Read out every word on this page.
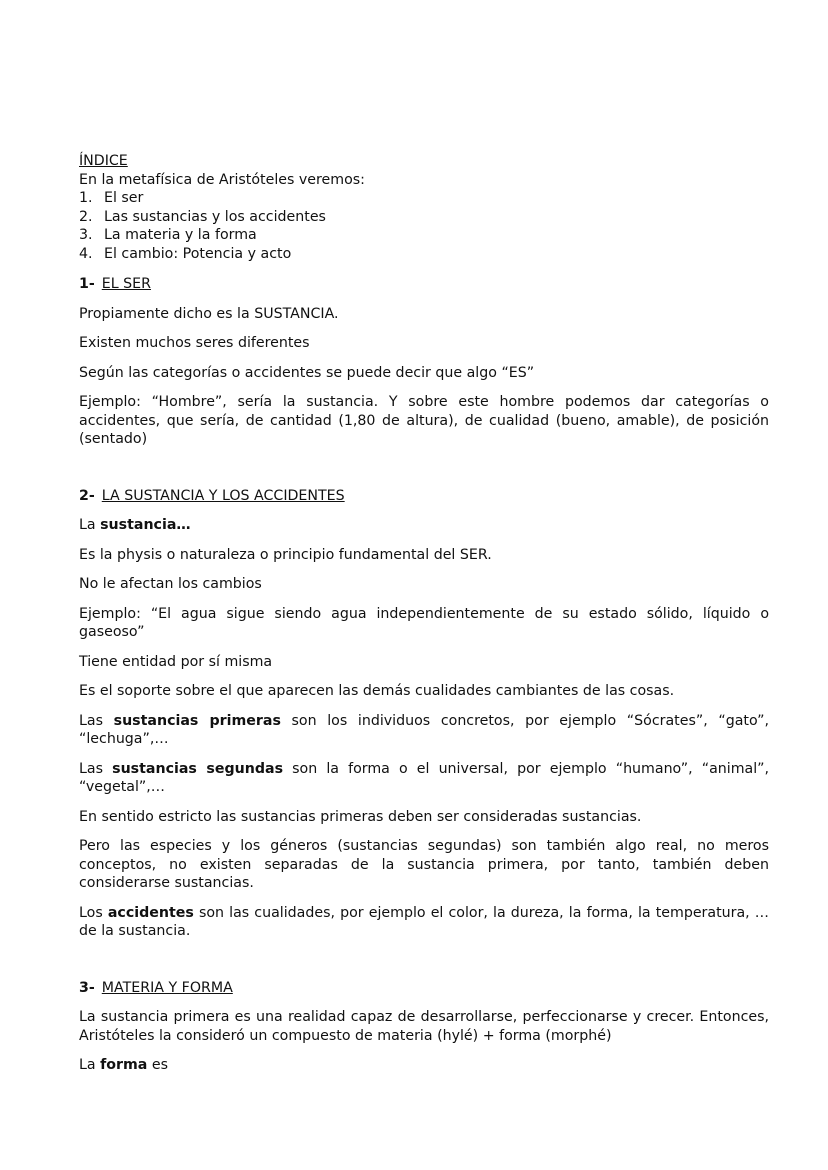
ÍNDICE
En la metafísica de Aristóteles veremos:
1. El ser
2. Las sustancias y los accidentes
3. La materia y la forma
4. El cambio: Potencia y acto
1- EL SER

Propiamente dicho es la SUSTANCIA.

Existen muchos seres diferentes

Según las categorías o accidentes se puede decir que algo “ES”

Ejemplo: “Hombre”, sería la sustancia. Y sobre este hombre podemos dar categorías o accidentes, que sería, de cantidad (1,80 de altura), de cualidad (bueno, amable), de posición (sentado)

2- LA SUSTANCIA Y LOS ACCIDENTES

La sustancia…

Es la physis o naturaleza o principio fundamental del SER.

No le afectan los cambios

Ejemplo: “El agua sigue siendo agua independientemente de su estado sólido, líquido o gaseoso”

Tiene entidad por sí misma

Es el soporte sobre el que aparecen las demás cualidades cambiantes de las cosas.

Las sustancias primeras son los individuos concretos, por ejemplo “Sócrates”, “gato”, “lechuga”,…

Las sustancias segundas son la forma o el universal, por ejemplo “humano”, “animal”, “vegetal”,…

En sentido estricto las sustancias primeras deben ser consideradas sustancias.

Pero las especies y los géneros (sustancias segundas) son también algo real, no meros conceptos, no existen separadas de la sustancia primera, por tanto, también deben considerarse sustancias.

Los accidentes son las cualidades, por ejemplo el color, la dureza, la forma, la temperatura, … de la sustancia.

3- MATERIA Y FORMA

La sustancia primera es una realidad capaz de desarrollarse, perfeccionarse y crecer. Entonces, Aristóteles la consideró un compuesto de materia (hylé) + forma (morphé)

La forma es
